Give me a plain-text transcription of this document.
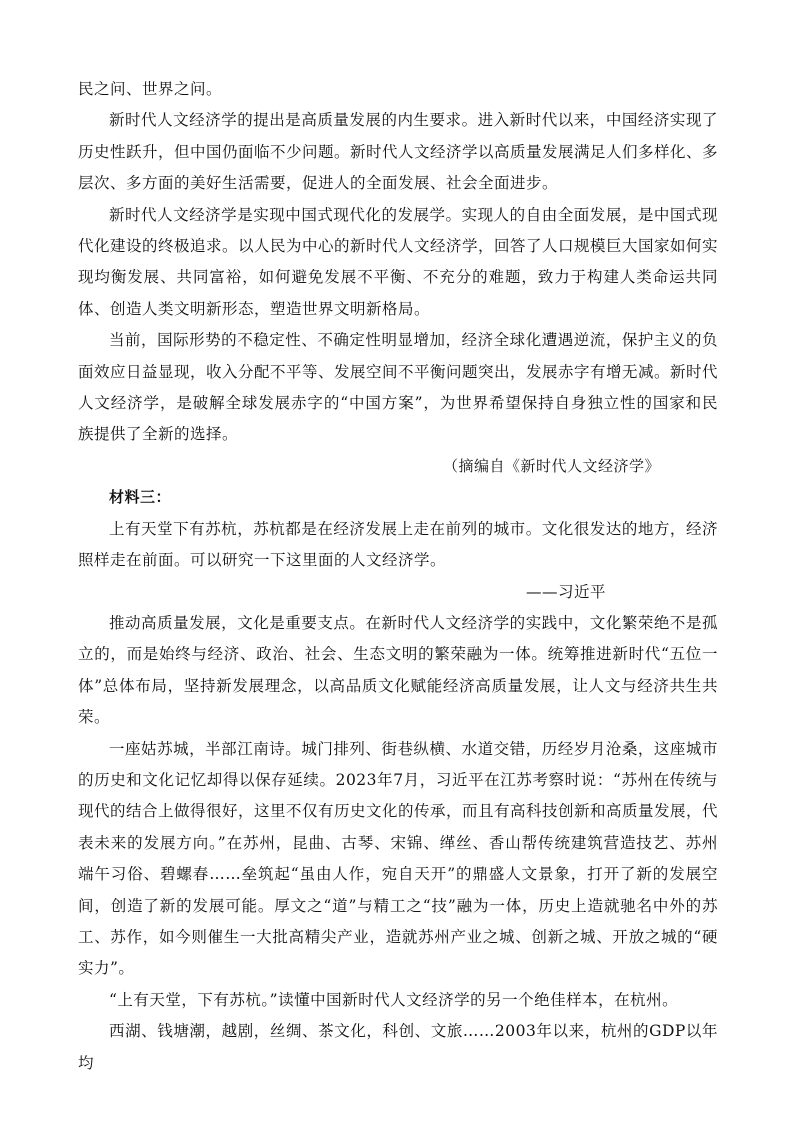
民之问、世界之问。

新时代人文经济学的提出是高质量发展的内生要求。进入新时代以来，中国经济实现了历史性跃升，但中国仍面临不少问题。新时代人文经济学以高质量发展满足人们多样化、多层次、多方面的美好生活需要，促进人的全面发展、社会全面进步。

新时代人文经济学是实现中国式现代化的发展学。实现人的自由全面发展，是中国式现代化建设的终极追求。以人民为中心的新时代人文经济学，回答了人口规模巨大国家如何实现均衡发展、共同富裕，如何避免发展不平衡、不充分的难题，致力于构建人类命运共同体、创造人类文明新形态，塑造世界文明新格局。

当前，国际形势的不稳定性、不确定性明显增加，经济全球化遭遇逆流，保护主义的负面效应日益显现，收入分配不平等、发展空间不平衡问题突出，发展赤字有增无减。新时代人文经济学，是破解全球发展赤字的“中国方案”，为世界希望保持自身独立性的国家和民族提供了全新的选择。

（摘编自《新时代人文经济学》

材料三：

上有天堂下有苏杭，苏杭都是在经济发展上走在前列的城市。文化很发达的地方，经济照样走在前面。可以研究一下这里面的人文经济学。

——习近平

推动高质量发展，文化是重要支点。在新时代人文经济学的实践中，文化繁荣绝不是孤立的，而是始终与经济、政治、社会、生态文明的繁荣融为一体。统筹推进新时代“五位一体”总体布局，坚持新发展理念，以高品质文化赋能经济高质量发展，让人文与经济共生共荣。

一座姑苏城，半部江南诗。城门排列、街巷纵横、水道交错，历经岁月沧桑，这座城市的历史和文化记忆却得以保存延续。2023年7月，习近平在江苏考察时说：“苏州在传统与现代的结合上做得很好，这里不仅有历史文化的传承，而且有高科技创新和高质量发展，代表未来的发展方向。”在苏州，昆曲、古琴、宋锦、缂丝、香山帮传统建筑营造技艺、苏州端午习俗、碧螺春……垒筑起“虽由人作，宛自天开”的鼎盛人文景象，打开了新的发展空间，创造了新的发展可能。厚文之“道”与精工之“技”融为一体，历史上造就驰名中外的苏工、苏作，如今则催生一大批高精尖产业，造就苏州产业之城、创新之城、开放之城的“硬实力”。

“上有天堂，下有苏杭。”读懂中国新时代人文经济学的另一个绝佳样本，在杭州。

西湖、钱塘潮，越剧，丝绸、茶文化，科创、文旅……2003年以来，杭州的GDP以年均
